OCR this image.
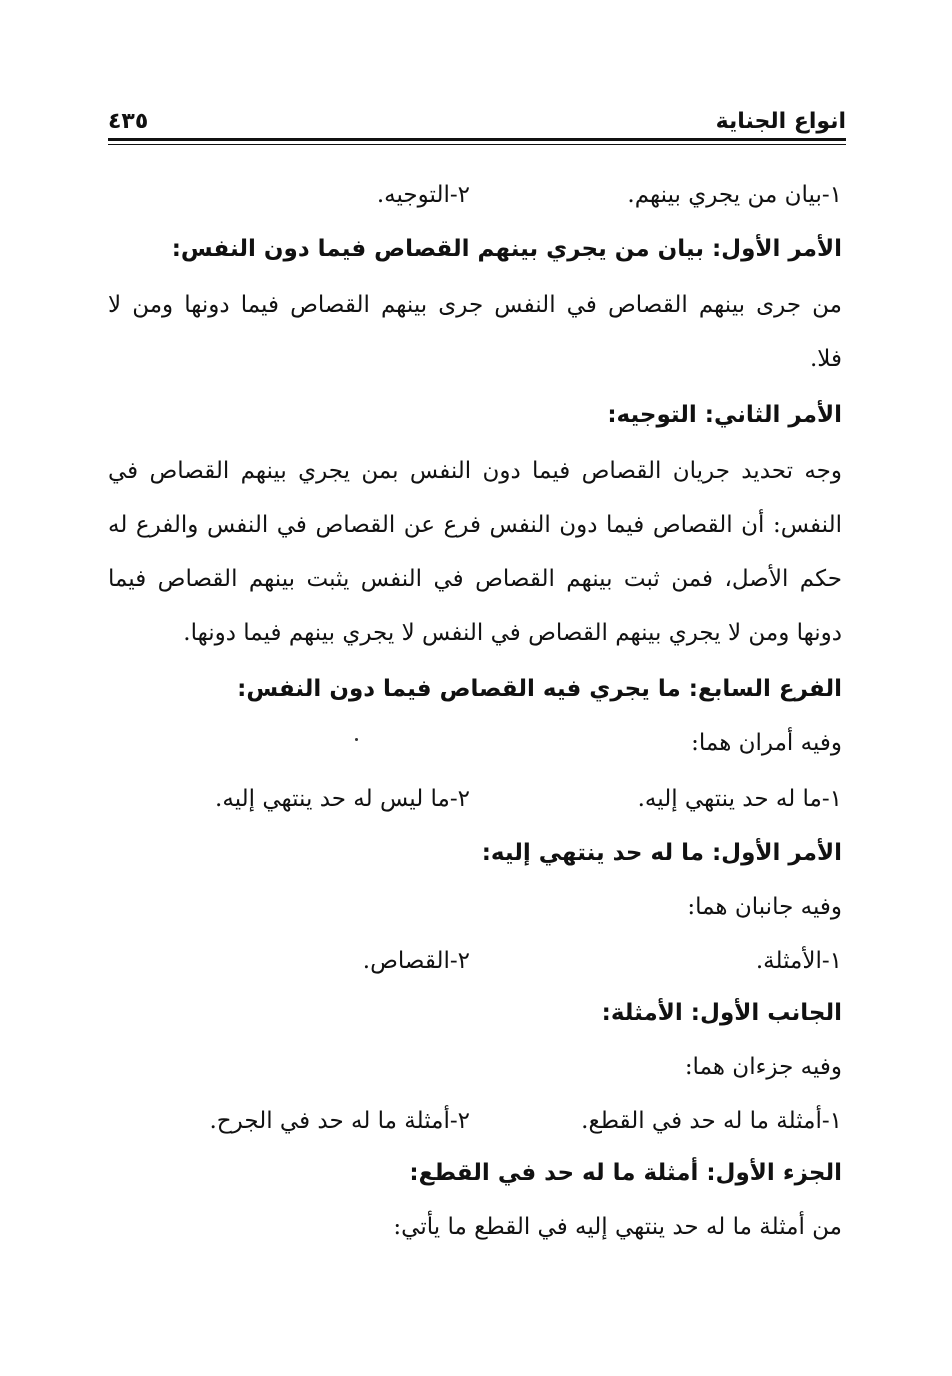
انواع الجناية
٤٣٥
١-بيان من يجري بينهم.
٢-التوجيه.
الأمر الأول: بيان من يجري بينهم القصاص فيما دون النفس:
من جرى بينهم القصاص في النفس جرى بينهم القصاص فيما دونها ومن لا
فلا.
الأمر الثاني: التوجيه:
وجه تحديد جريان القصاص فيما دون النفس بمن يجري بينهم القصاص في
النفس: أن القصاص فيما دون النفس فرع عن القصاص في النفس والفرع له
حكم الأصل، فمن ثبت بينهم القصاص في النفس يثبت بينهم القصاص فيما
دونها ومن لا يجري بينهم القصاص في النفس لا يجري بينهم فيما دونها.
الفرع السابع: ما يجري فيه القصاص فيما دون النفس:
وفيه أمران هما:
١-ما له حد ينتهي إليه.
٢-ما ليس له حد ينتهي إليه.
الأمر الأول: ما له حد ينتهي إليه:
وفيه جانبان هما:
١-الأمثلة.
٢-القصاص.
الجانب الأول: الأمثلة:
وفيه جزءان هما:
١-أمثلة ما له حد في القطع.
٢-أمثلة ما له حد في الجرح.
الجزء الأول: أمثلة ما له حد في القطع:
من أمثلة ما له حد ينتهي إليه في القطع ما يأتي:
